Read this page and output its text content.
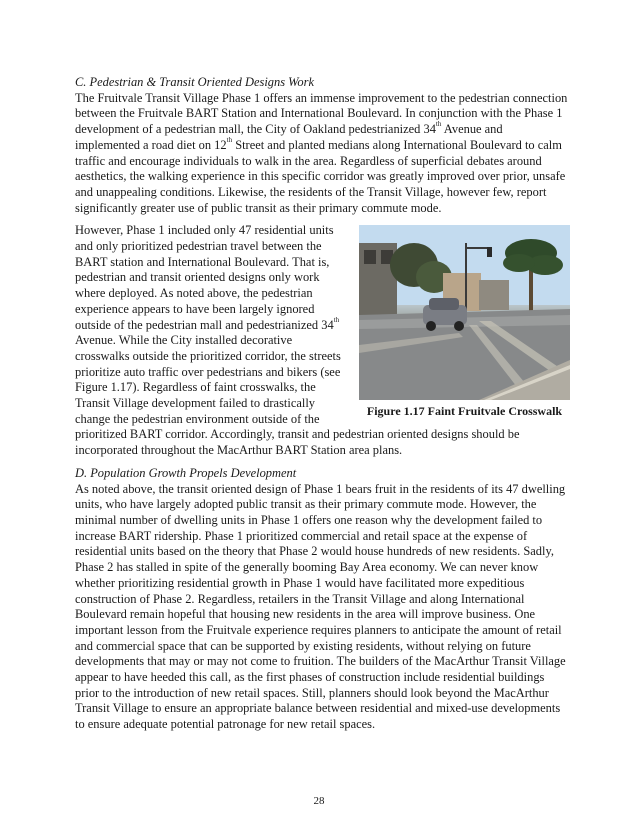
C. Pedestrian & Transit Oriented Designs Work

The Fruitvale Transit Village Phase 1 offers an immense improvement to the pedestrian connection between the Fruitvale BART Station and International Boulevard. In conjunction with the Phase 1 development of a pedestrian mall, the City of Oakland pedestrianized 34th Avenue and implemented a road diet on 12th Street and planted medians along International Boulevard to calm traffic and encourage individuals to walk in the area. Regardless of superficial debates around aesthetics, the walking experience in this specific corridor was greatly improved over prior, unsafe and unappealing conditions. Likewise, the residents of the Transit Village, however few, report significantly greater use of public transit as their primary commute mode.

Figure 1.17 Faint Fruitvale Crosswalk

However, Phase 1 included only 47 residential units and only prioritized pedestrian travel between the BART station and International Boulevard. That is, pedestrian and transit oriented designs only work where deployed. As noted above, the pedestrian experience appears to have been largely ignored outside of the pedestrian mall and pedestrianized 34th Avenue. While the City installed decorative crosswalks outside the prioritized corridor, the streets prioritize auto traffic over pedestrians and bikers (see Figure 1.17). Regardless of faint crosswalks, the Transit Village development failed to drastically change the pedestrian environment outside of the prioritized BART corridor. Accordingly, transit and pedestrian oriented designs should be incorporated throughout the MacArthur BART Station area plans.

D. Population Growth Propels Development

As noted above, the transit oriented design of Phase 1 bears fruit in the residents of its 47 dwelling units, who have largely adopted public transit as their primary commute mode. However, the minimal number of dwelling units in Phase 1 offers one reason why the development failed to increase BART ridership. Phase 1 prioritized commercial and retail space at the expense of residential units based on the theory that Phase 2 would house hundreds of new residents. Sadly, Phase 2 has stalled in spite of the generally booming Bay Area economy. We can never know whether prioritizing residential growth in Phase 1 would have facilitated more expeditious construction of Phase 2. Regardless, retailers in the Transit Village and along International Boulevard remain hopeful that housing new residents in the area will improve business. One important lesson from the Fruitvale experience requires planners to anticipate the amount of retail and commercial space that can be supported by existing residents, without relying on future developments that may or may not come to fruition. The builders of the MacArthur Transit Village appear to have heeded this call, as the first phases of construction include residential buildings prior to the introduction of new retail spaces. Still, planners should look beyond the MacArthur Transit Village to ensure an appropriate balance between residential and mixed-use developments to ensure adequate potential patronage for new retail spaces.

28
